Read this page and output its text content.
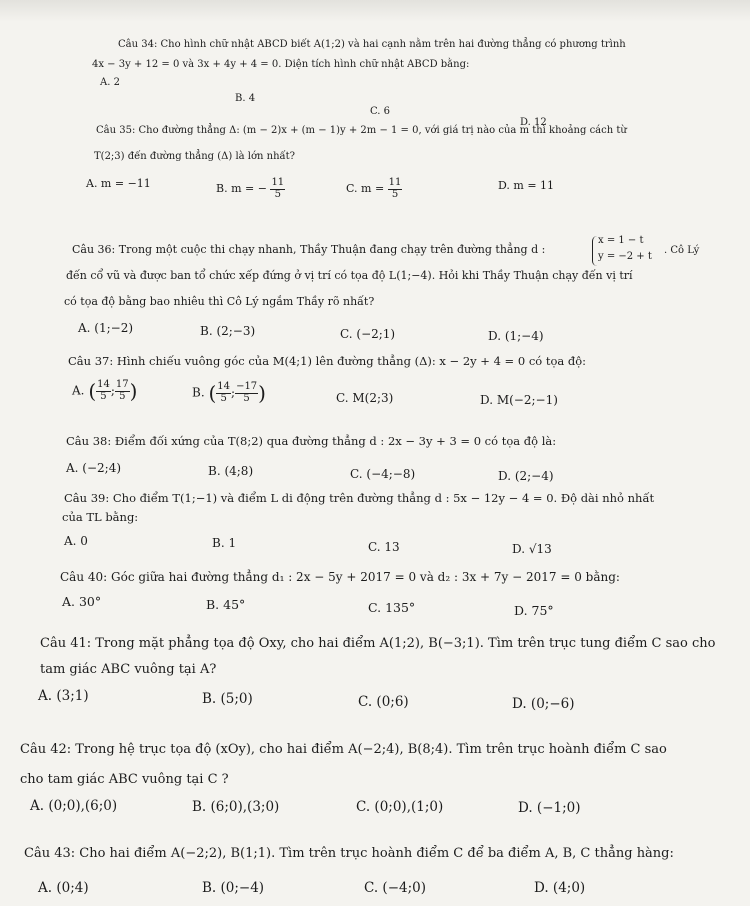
Câu 34: Cho hình chữ nhật ABCD biết A(1;2) và hai cạnh nằm trên hai đường thẳng có phương trình
4x − 3y + 12 = 0 và 3x + 4y + 4 = 0. Diện tích hình chữ nhật ABCD bằng:
A. 2
B. 4
C. 6
D. 12
Câu 35: Cho đường thẳng Δ: (m − 2)x + (m − 1)y + 2m − 1 = 0, với giá trị nào của m thì khoảng cách từ
T(2;3) đến đường thẳng (Δ) là lớn nhất?
A. m = −11	B. m = − $\frac{11}{5}$	C. $m = \frac{11}{5}$	D. m = 11
Câu 36: Trong một cuộc thi chạy nhanh, Thầy Thuận đang chạy trên đường thẳng d :
x = 1 − t
y = −2 + t
. Cô Lý
đến cổ vũ và được ban tổ chức xếp đứng ở vị trí có tọa độ L(1;−4). Hỏi khi Thầy Thuận chạy đến vị trí
có tọa độ bằng bao nhiêu thì Cô Lý ngắm Thầy rõ nhất?
A. (1;−2)	B. (2;−3)	C. (−2;1)	D. (1;−4)
Câu 37: Hình chiếu vuông góc của M(4;1) lên đường thẳng (Δ): x − 2y + 4 = 0 có tọa độ:
A. ( $\frac{14}{5}$ ; $\frac{17}{5}$ )	B. ( $\frac{14}{5}$ ; $\frac{-17}{5}$ )	C. M(2;3)	D. M(−2;−1)
Câu 38: Điểm đối xứng của T(8;2) qua đường thẳng d : 2x − 3y + 3 = 0 có tọa độ là:
A. (−2;4)	B. (4;8)	C. (−4;−8)	D. (2;−4)
Câu 39: Cho điểm T(1;−1) và điểm L di động trên đường thẳng d : 5x − 12y − 4 = 0. Độ dài nhỏ nhất
của TL bằng:
A. 0	B. 1	C. 13	D. √13
Câu 40: Góc giữa hai đường thẳng d₁ : 2x − 5y + 2017 = 0 và d₂ : 3x + 7y − 2017 = 0 bằng:
A. 30°	B. 45°	C. 135°	D. 75°
Câu 41: Trong mặt phẳng tọa độ Oxy, cho hai điểm A(1;2), B(−3;1). Tìm trên trục tung điểm C sao cho
tam giác ABC vuông tại A?
A. (3;1)	B. (5;0)	C. (0;6)	D. (0;−6)
Câu 42: Trong hệ trục tọa độ (xOy), cho hai điểm A(−2;4), B(8;4). Tìm trên trục hoành điểm C sao
cho tam giác ABC vuông tại C ?
A. (0;0),(6;0)	B. (6;0),(3;0)	C. (0;0),(1;0)	D. (−1;0)
Câu 43: Cho hai điểm A(−2;2), B(1;1). Tìm trên trục hoành điểm C để ba điểm A, B, C thẳng hàng:
A. (0;4)	B. (0;−4)	C. (−4;0)	D. (4;0)
